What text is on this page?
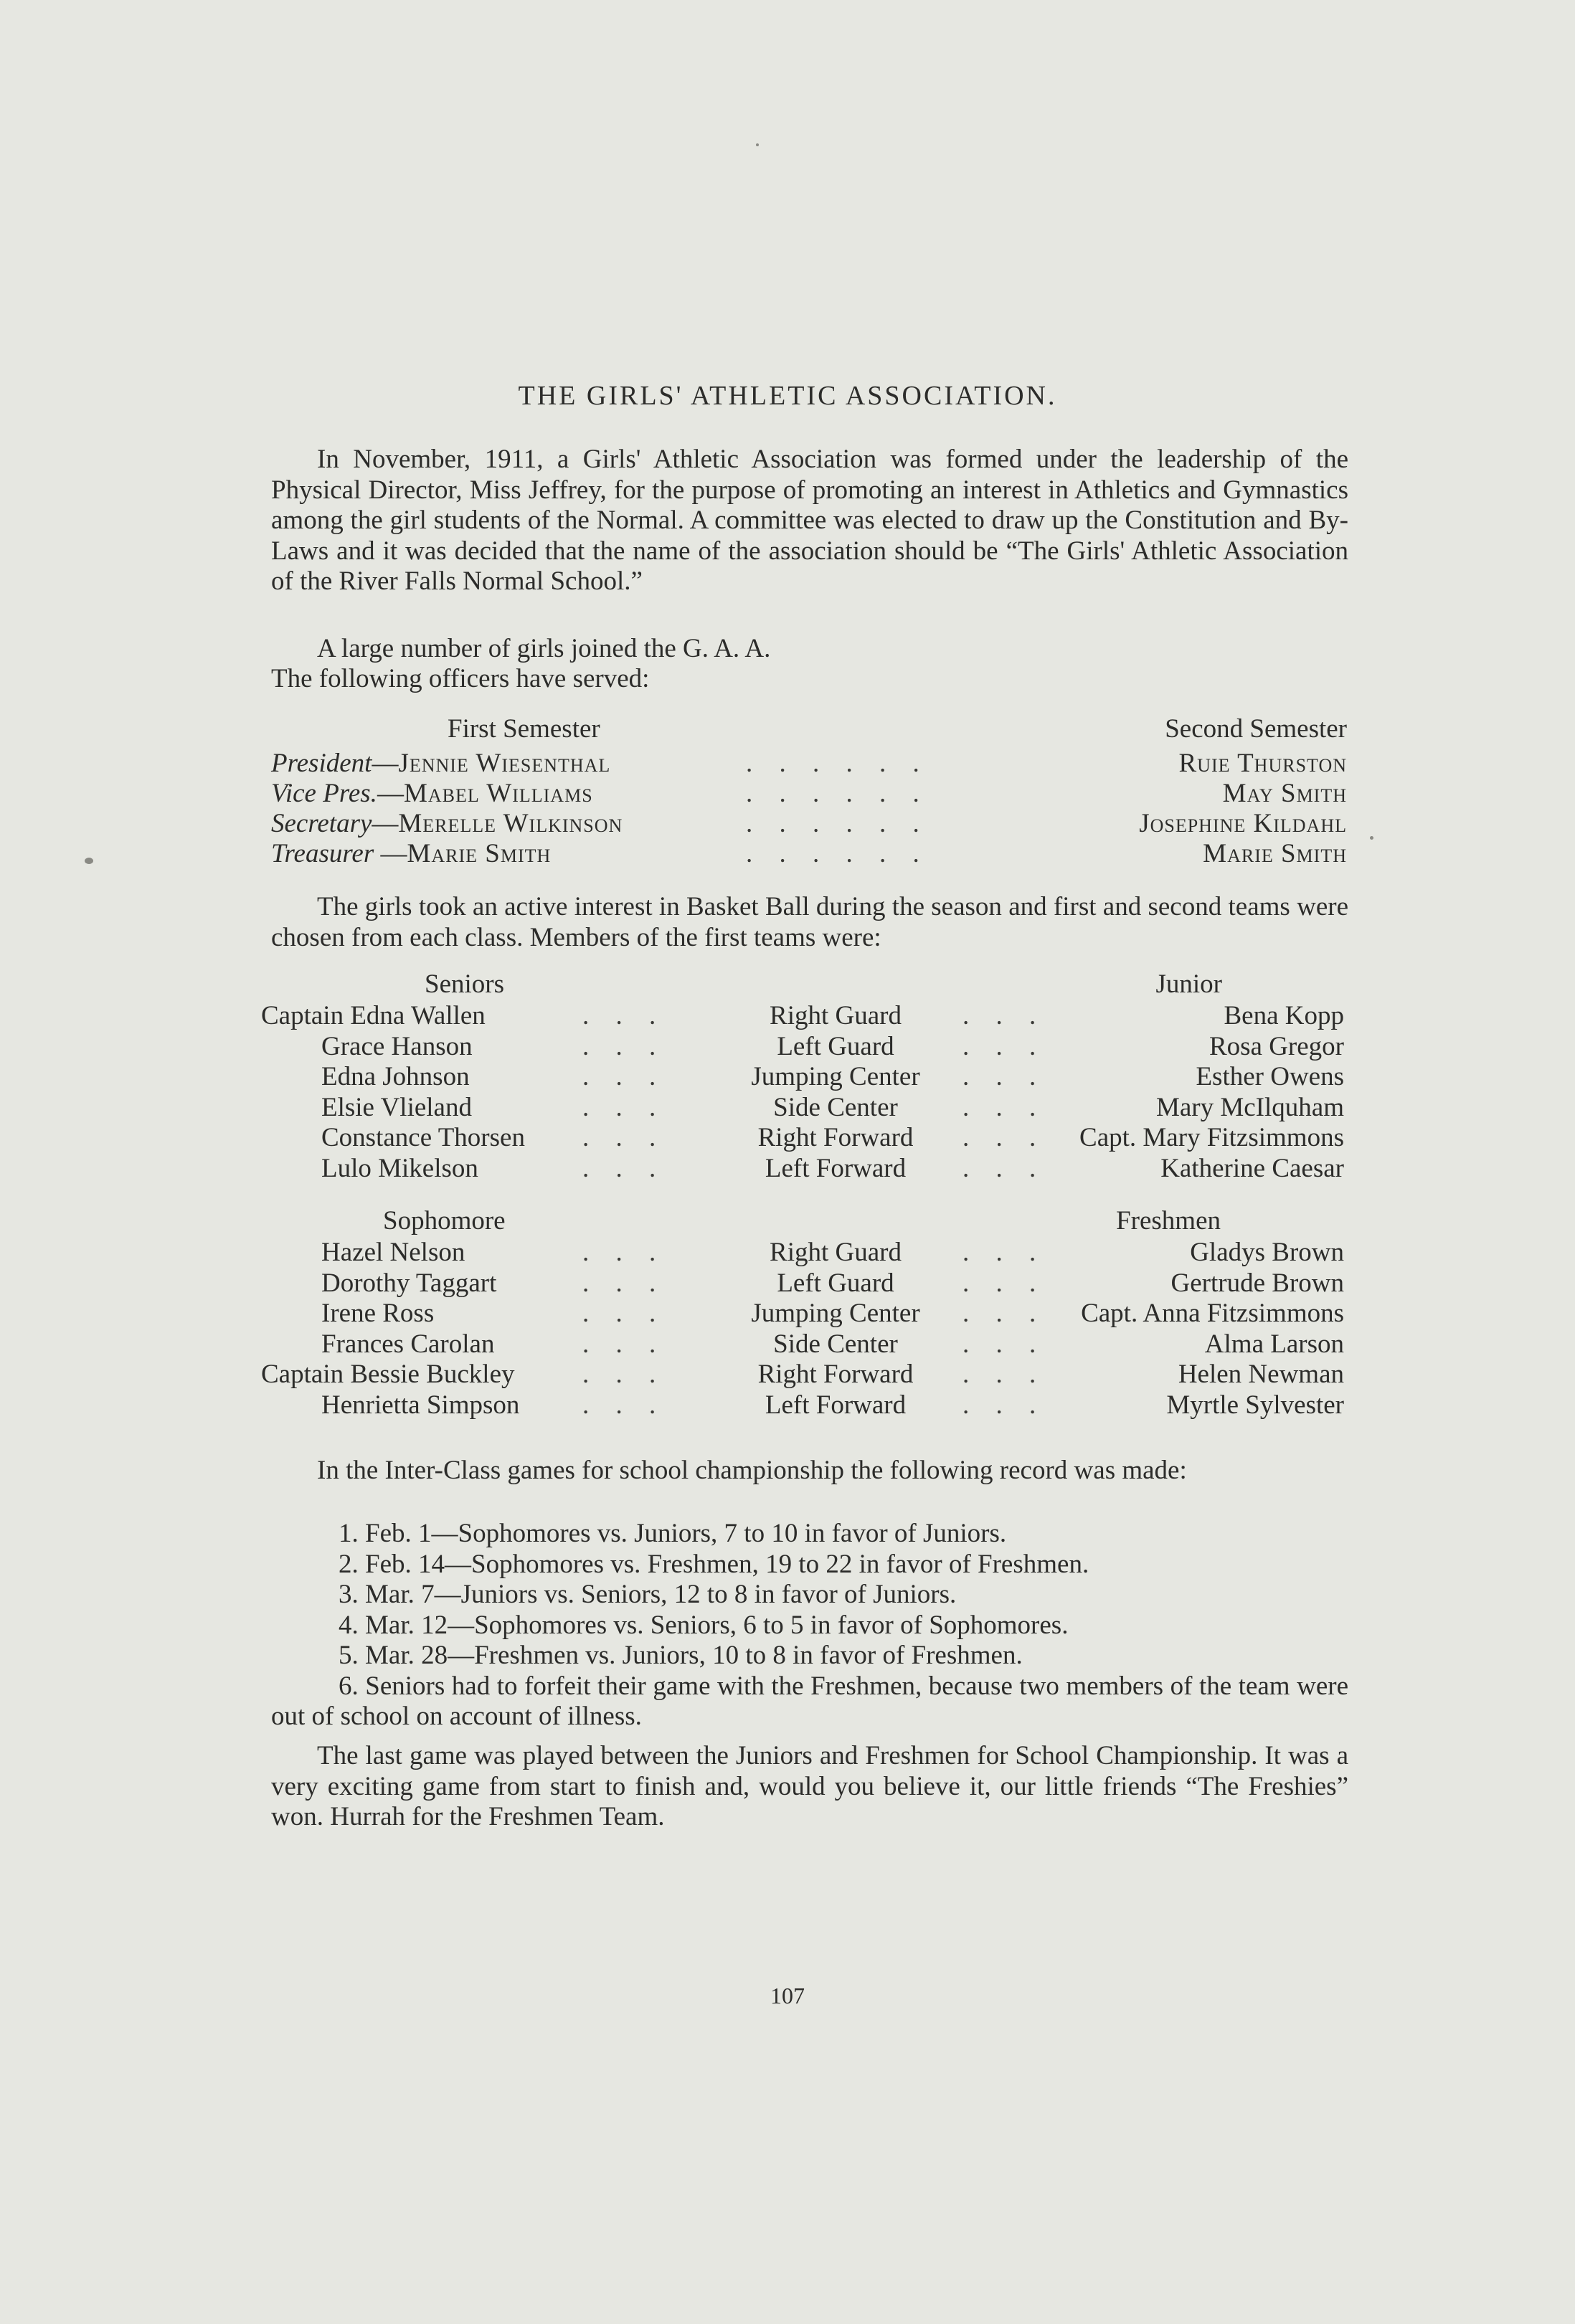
THE GIRLS' ATHLETIC ASSOCIATION.

In November, 1911, a Girls' Athletic Association was formed under the leadership of the Physical Director, Miss Jeffrey, for the purpose of promoting an interest in Athletics and Gymnastics among the girl students of the Normal. A committee was elected to draw up the Constitution and By-Laws and it was decided that the name of the association should be “The Girls' Athletic Association of the River Falls Normal School.”

A large number of girls joined the G. A. A.
The following officers have served:
First Semester	Second Semester
President—Jennie Wiesenthal	. . . . . .	Ruie Thurston
Vice Pres.—Mabel Williams	. . . . . .	May Smith
Secretary—Merelle Wilkinson	. . . . . .	Josephine Kildahl
Treasurer —Marie Smith	. . . . . .	Marie Smith

The girls took an active interest in Basket Ball during the season and first and second teams were chosen from each class. Members of the first teams were:

Seniors	Junior
Captain Edna Wallen	. . .	Right Guard	. . .	Bena Kopp
Grace Hanson	. . .	Left Guard	. . .	Rosa Gregor
Edna Johnson	. . .	Jumping Center	. . .	Esther Owens
Elsie Vlieland	. . .	Side Center	. . .	Mary McIlquham
Constance Thorsen . . .	Right Forward	. . . Capt. Mary Fitzsimmons
Lulo Mikelson	. . .	Left Forward	. . .	Katherine Caesar
Sophomore	Freshmen
Hazel Nelson	. . .	Right Guard	. . .	Gladys Brown
Dorothy Taggart	. . .	Left Guard	. . .	Gertrude Brown
Irene Ross	. . .	Jumping Center	. . . Capt. Anna Fitzsimmons
Frances Carolan	. . .	Side Center	. . .	Alma Larson
Captain Bessie Buckley	. . .	Right Forward	. . .	Helen Newman
Henrietta Simpson . . .	Left Forward	. . .	Myrtle Sylvester

In the Inter-Class games for school championship the following record was made:

1. Feb. 1—Sophomores vs. Juniors, 7 to 10 in favor of Juniors.

2. Feb. 14—Sophomores vs. Freshmen, 19 to 22 in favor of Freshmen.

3. Mar. 7—Juniors vs. Seniors, 12 to 8 in favor of Juniors.

4. Mar. 12—Sophomores vs. Seniors, 6 to 5 in favor of Sophomores.

5. Mar. 28—Freshmen vs. Juniors, 10 to 8 in favor of Freshmen.

6. Seniors had to forfeit their game with the Freshmen, because two members of the team were out of school on account of illness.

The last game was played between the Juniors and Freshmen for School Championship. It was a very exciting game from start to finish and, would you believe it, our little friends “The Freshies” won. Hurrah for the Freshmen Team.

107
